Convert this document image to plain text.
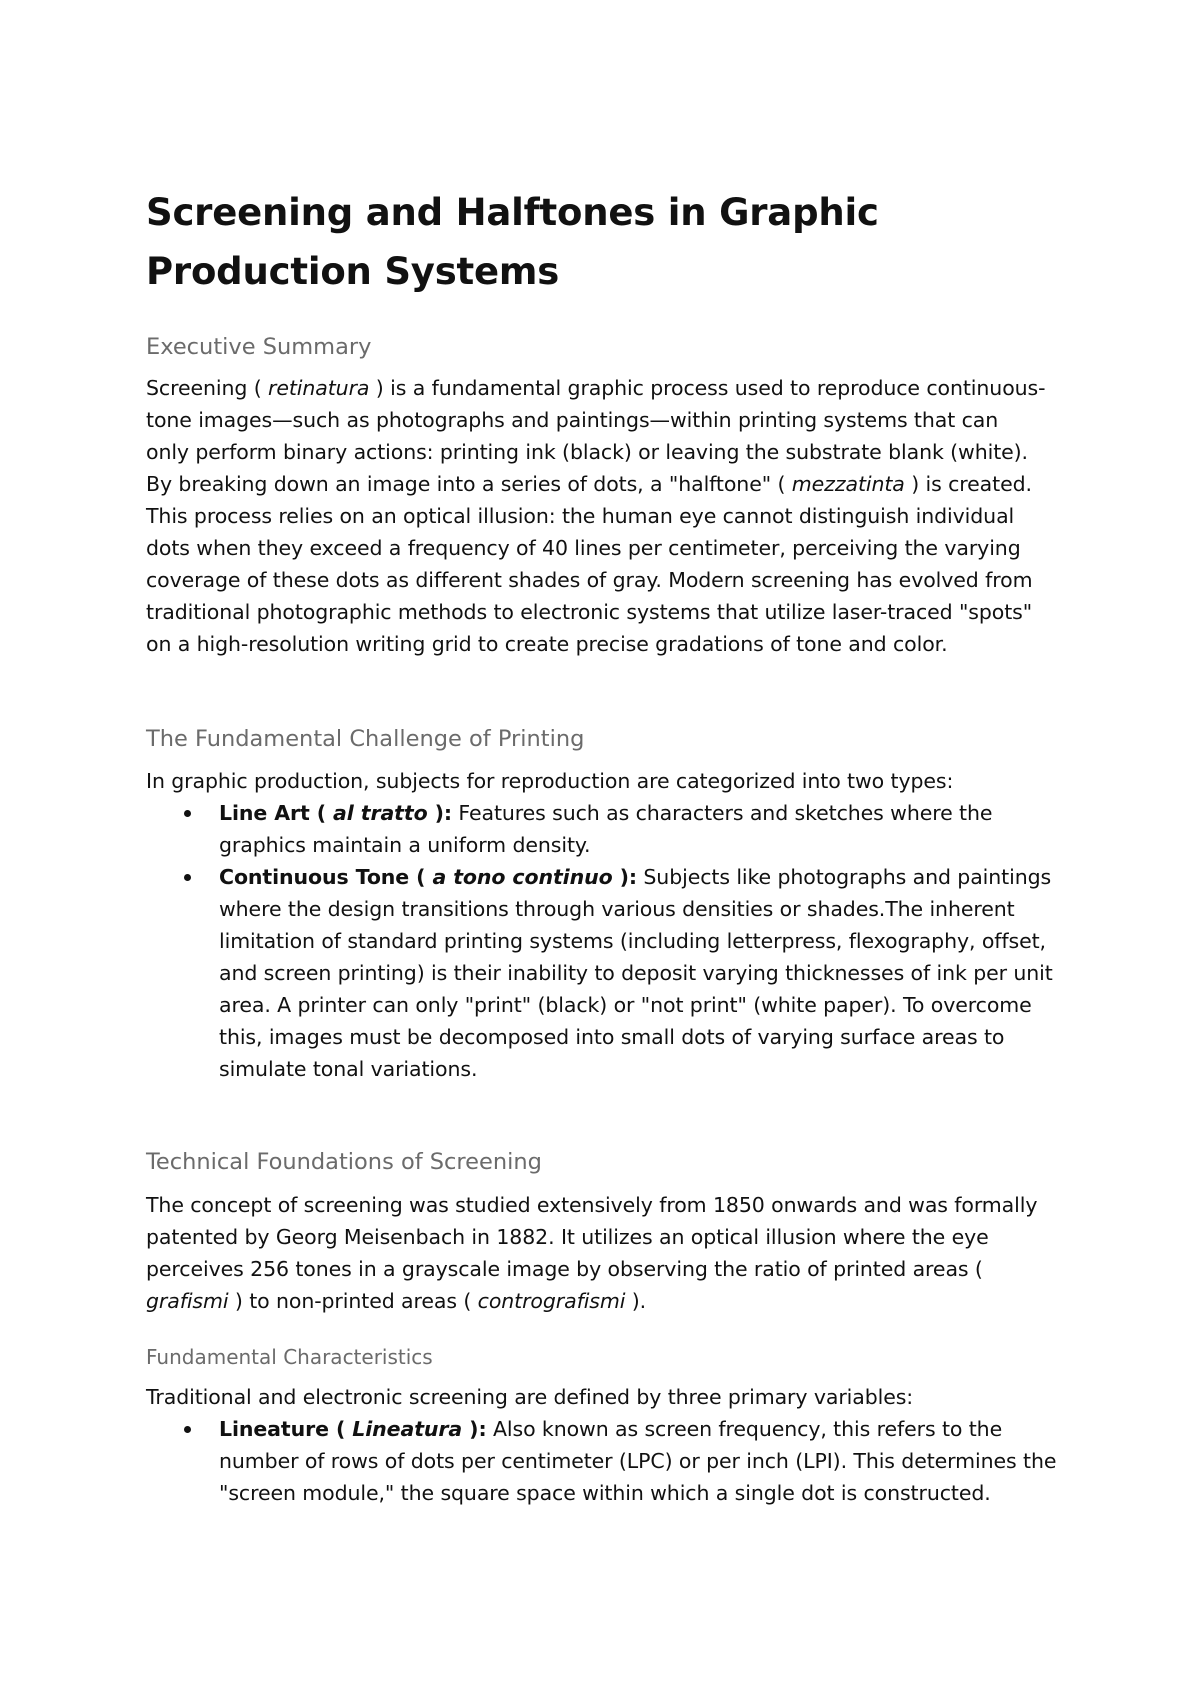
Screening and Halftones in Graphic Production Systems
Executive Summary

Screening ( retinatura ) is a fundamental graphic process used to reproduce continuous-tone images—such as photographs and paintings—within printing systems that can only perform binary actions: printing ink (black) or leaving the substrate blank (white). By breaking down an image into a series of dots, a "halftone" ( mezzatinta ) is created. This process relies on an optical illusion: the human eye cannot distinguish individual dots when they exceed a frequency of 40 lines per centimeter, perceiving the varying coverage of these dots as different shades of gray. Modern screening has evolved from traditional photographic methods to electronic systems that utilize laser-traced "spots" on a high-resolution writing grid to create precise gradations of tone and color.

The Fundamental Challenge of Printing

In graphic production, subjects for reproduction are categorized into two types:

Line Art ( al tratto ): Features such as characters and sketches where the graphics maintain a uniform density.
Continuous Tone ( a tono continuo ): Subjects like photographs and paintings where the design transitions through various densities or shades.The inherent limitation of standard printing systems (including letterpress, flexography, offset, and screen printing) is their inability to deposit varying thicknesses of ink per unit area. A printer can only "print" (black) or "not print" (white paper). To overcome this, images must be decomposed into small dots of varying surface areas to simulate tonal variations.
Technical Foundations of Screening

The concept of screening was studied extensively from 1850 onwards and was formally patented by Georg Meisenbach in 1882. It utilizes an optical illusion where the eye perceives 256 tones in a grayscale image by observing the ratio of printed areas ( grafismi ) to non-printed areas ( contrografismi ).

Fundamental Characteristics

Traditional and electronic screening are defined by three primary variables:

Lineature ( Lineatura ): Also known as screen frequency, this refers to the number of rows of dots per centimeter (LPC) or per inch (LPI). This determines the "screen module," the square space within which a single dot is constructed.
